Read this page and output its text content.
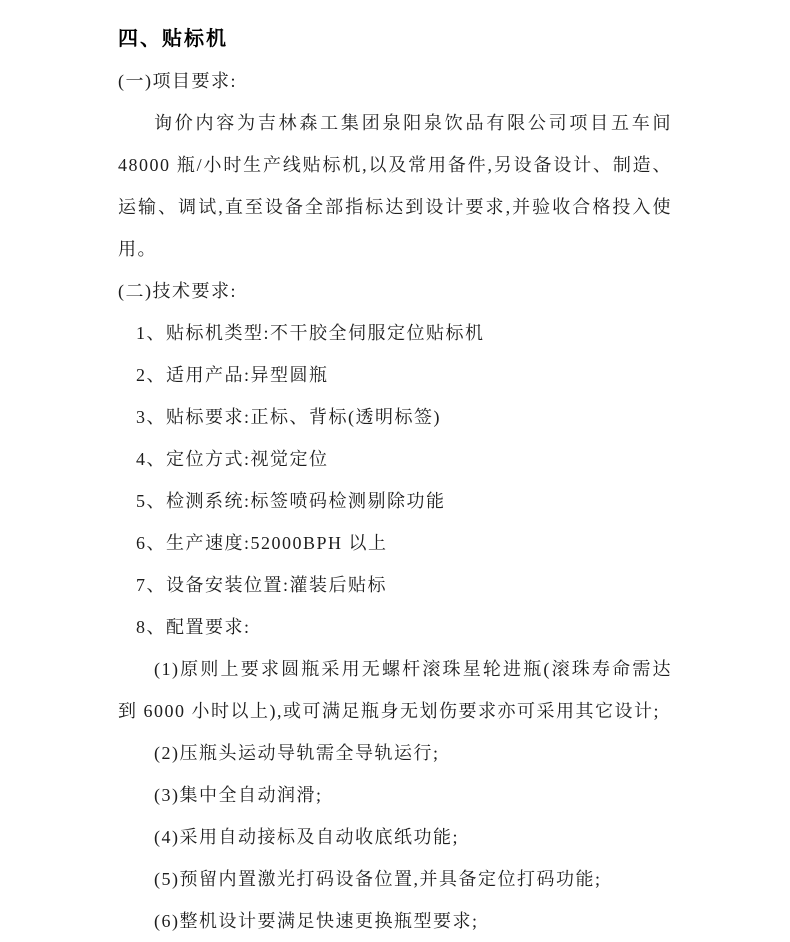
四、贴标机
(一)项目要求:

询价内容为吉林森工集团泉阳泉饮品有限公司项目五车间 48000 瓶/小时生产线贴标机,以及常用备件,另设备设计、制造、运输、调试,直至设备全部指标达到设计要求,并验收合格投入使用。

(二)技术要求:
1、贴标机类型:不干胶全伺服定位贴标机
2、适用产品:异型圆瓶
3、贴标要求:正标、背标(透明标签)
4、定位方式:视觉定位
5、检测系统:标签喷码检测剔除功能
6、生产速度:52000BPH 以上
7、设备安装位置:灌装后贴标
8、配置要求:

(1)原则上要求圆瓶采用无螺杆滚珠星轮进瓶(滚珠寿命需达到 6000 小时以上),或可满足瓶身无划伤要求亦可采用其它设计;

(2)压瓶头运动导轨需全导轨运行;

(3)集中全自动润滑;

(4)采用自动接标及自动收底纸功能;

(5)预留内置激光打码设备位置,并具备定位打码功能;

(6)整机设计要满足快速更换瓶型要求;
